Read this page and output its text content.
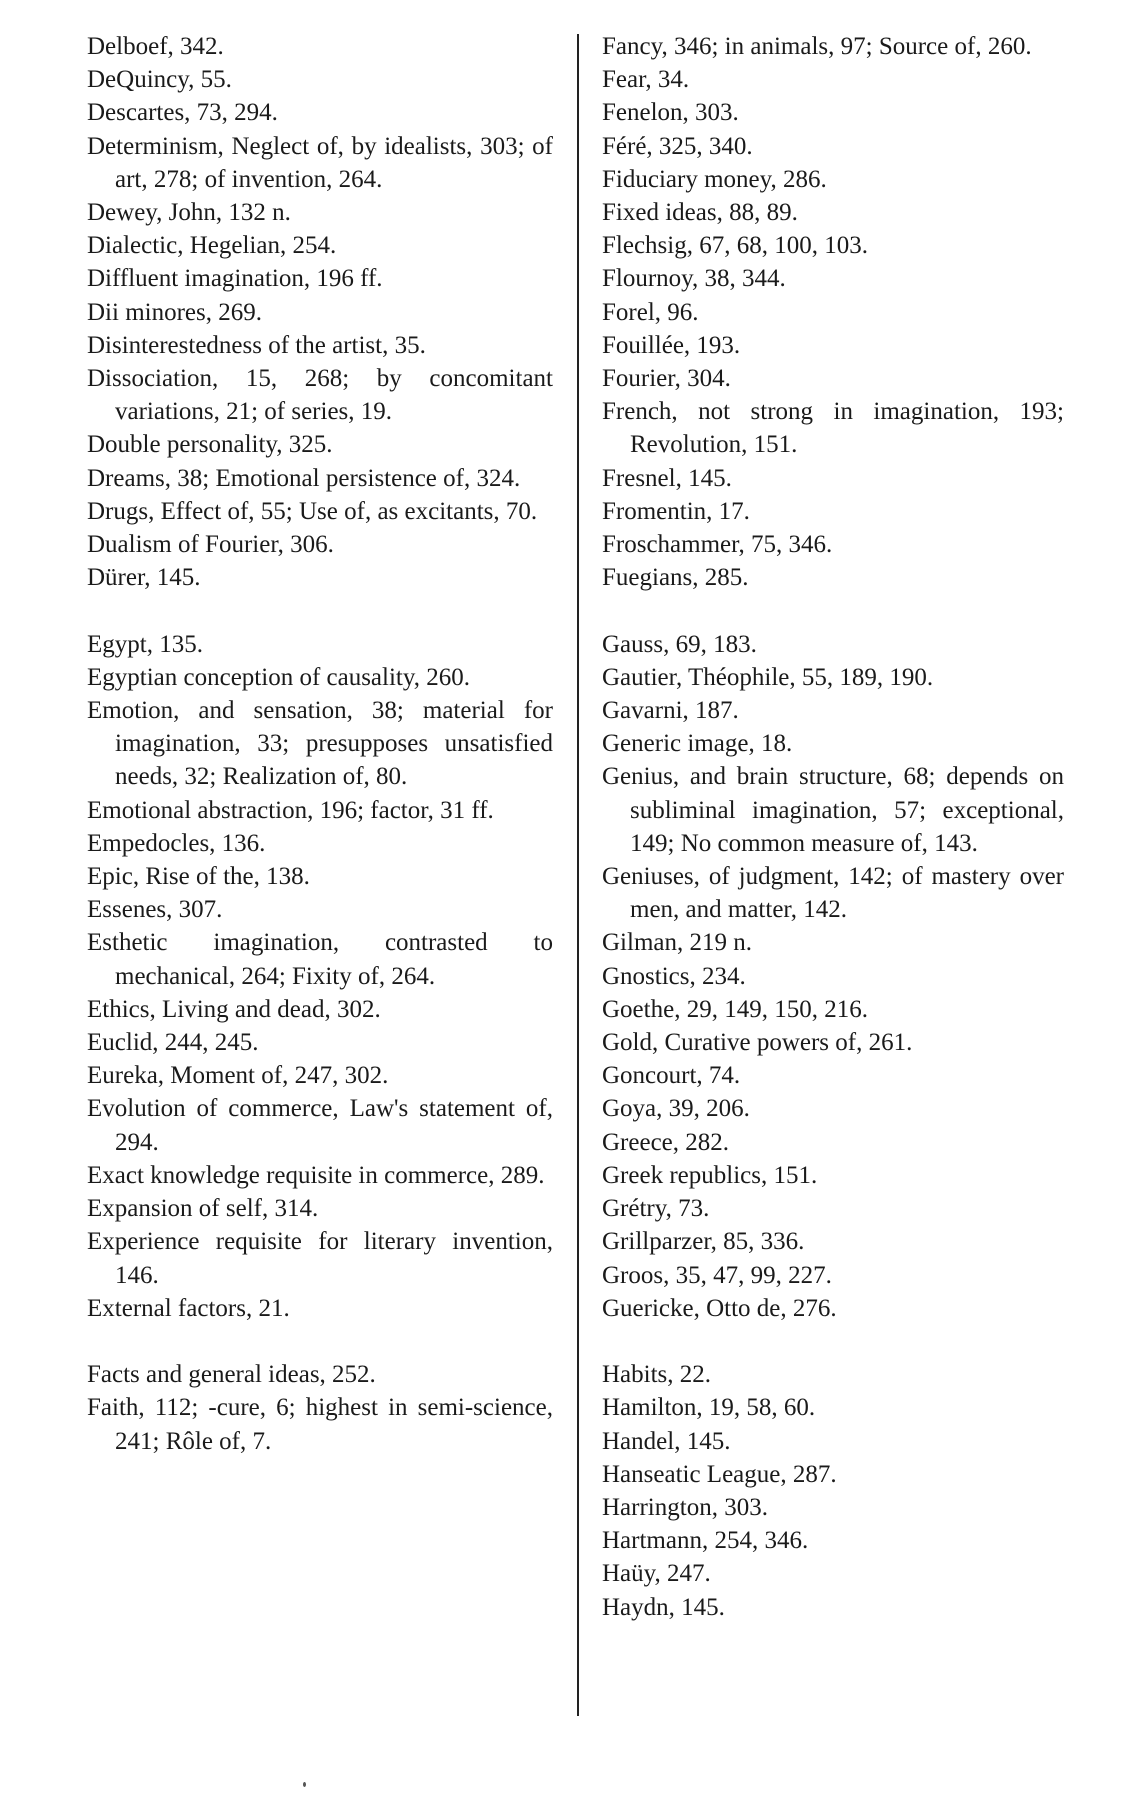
Delboef, 342.

DeQuincy, 55.

Descartes, 73, 294.

Determinism, Neglect of, by idealists, 303; of art, 278; of invention, 264.

Dewey, John, 132 n.

Dialectic, Hegelian, 254.

Diffluent imagination, 196 ff.

Dii minores, 269.

Disinterestedness of the artist, 35.

Dissociation, 15, 268; by concomitant variations, 21; of series, 19.

Double personality, 325.

Dreams, 38; Emotional persistence of, 324.

Drugs, Effect of, 55; Use of, as excitants, 70.

Dualism of Fourier, 306.

Dürer, 145.

Egypt, 135.

Egyptian conception of causality, 260.

Emotion, and sensation, 38; material for imagination, 33; presupposes unsatisfied needs, 32; Realization of, 80.

Emotional abstraction, 196; factor, 31 ff.

Empedocles, 136.

Epic, Rise of the, 138.

Essenes, 307.

Esthetic imagination, contrasted to mechanical, 264; Fixity of, 264.

Ethics, Living and dead, 302.

Euclid, 244, 245.

Eureka, Moment of, 247, 302.

Evolution of commerce, Law's statement of, 294.

Exact knowledge requisite in commerce, 289.

Expansion of self, 314.

Experience requisite for literary invention, 146.

External factors, 21.

Facts and general ideas, 252.

Faith, 112; -cure, 6; highest in semi-science, 241; Rôle of, 7.

Fancy, 346; in animals, 97; Source of, 260.

Fear, 34.

Fenelon, 303.

Féré, 325, 340.

Fiduciary money, 286.

Fixed ideas, 88, 89.

Flechsig, 67, 68, 100, 103.

Flournoy, 38, 344.

Forel, 96.

Fouillée, 193.

Fourier, 304.

French, not strong in imagination, 193; Revolution, 151.

Fresnel, 145.

Fromentin, 17.

Froschammer, 75, 346.

Fuegians, 285.

Gauss, 69, 183.

Gautier, Théophile, 55, 189, 190.

Gavarni, 187.

Generic image, 18.

Genius, and brain structure, 68; depends on subliminal imagination, 57; exceptional, 149; No common measure of, 143.

Geniuses, of judgment, 142; of mastery over men, and matter, 142.

Gilman, 219 n.

Gnostics, 234.

Goethe, 29, 149, 150, 216.

Gold, Curative powers of, 261.

Goncourt, 74.

Goya, 39, 206.

Greece, 282.

Greek republics, 151.

Grétry, 73.

Grillparzer, 85, 336.

Groos, 35, 47, 99, 227.

Guericke, Otto de, 276.

Habits, 22.

Hamilton, 19, 58, 60.

Handel, 145.

Hanseatic League, 287.

Harrington, 303.

Hartmann, 254, 346.

Haüy, 247.

Haydn, 145.
